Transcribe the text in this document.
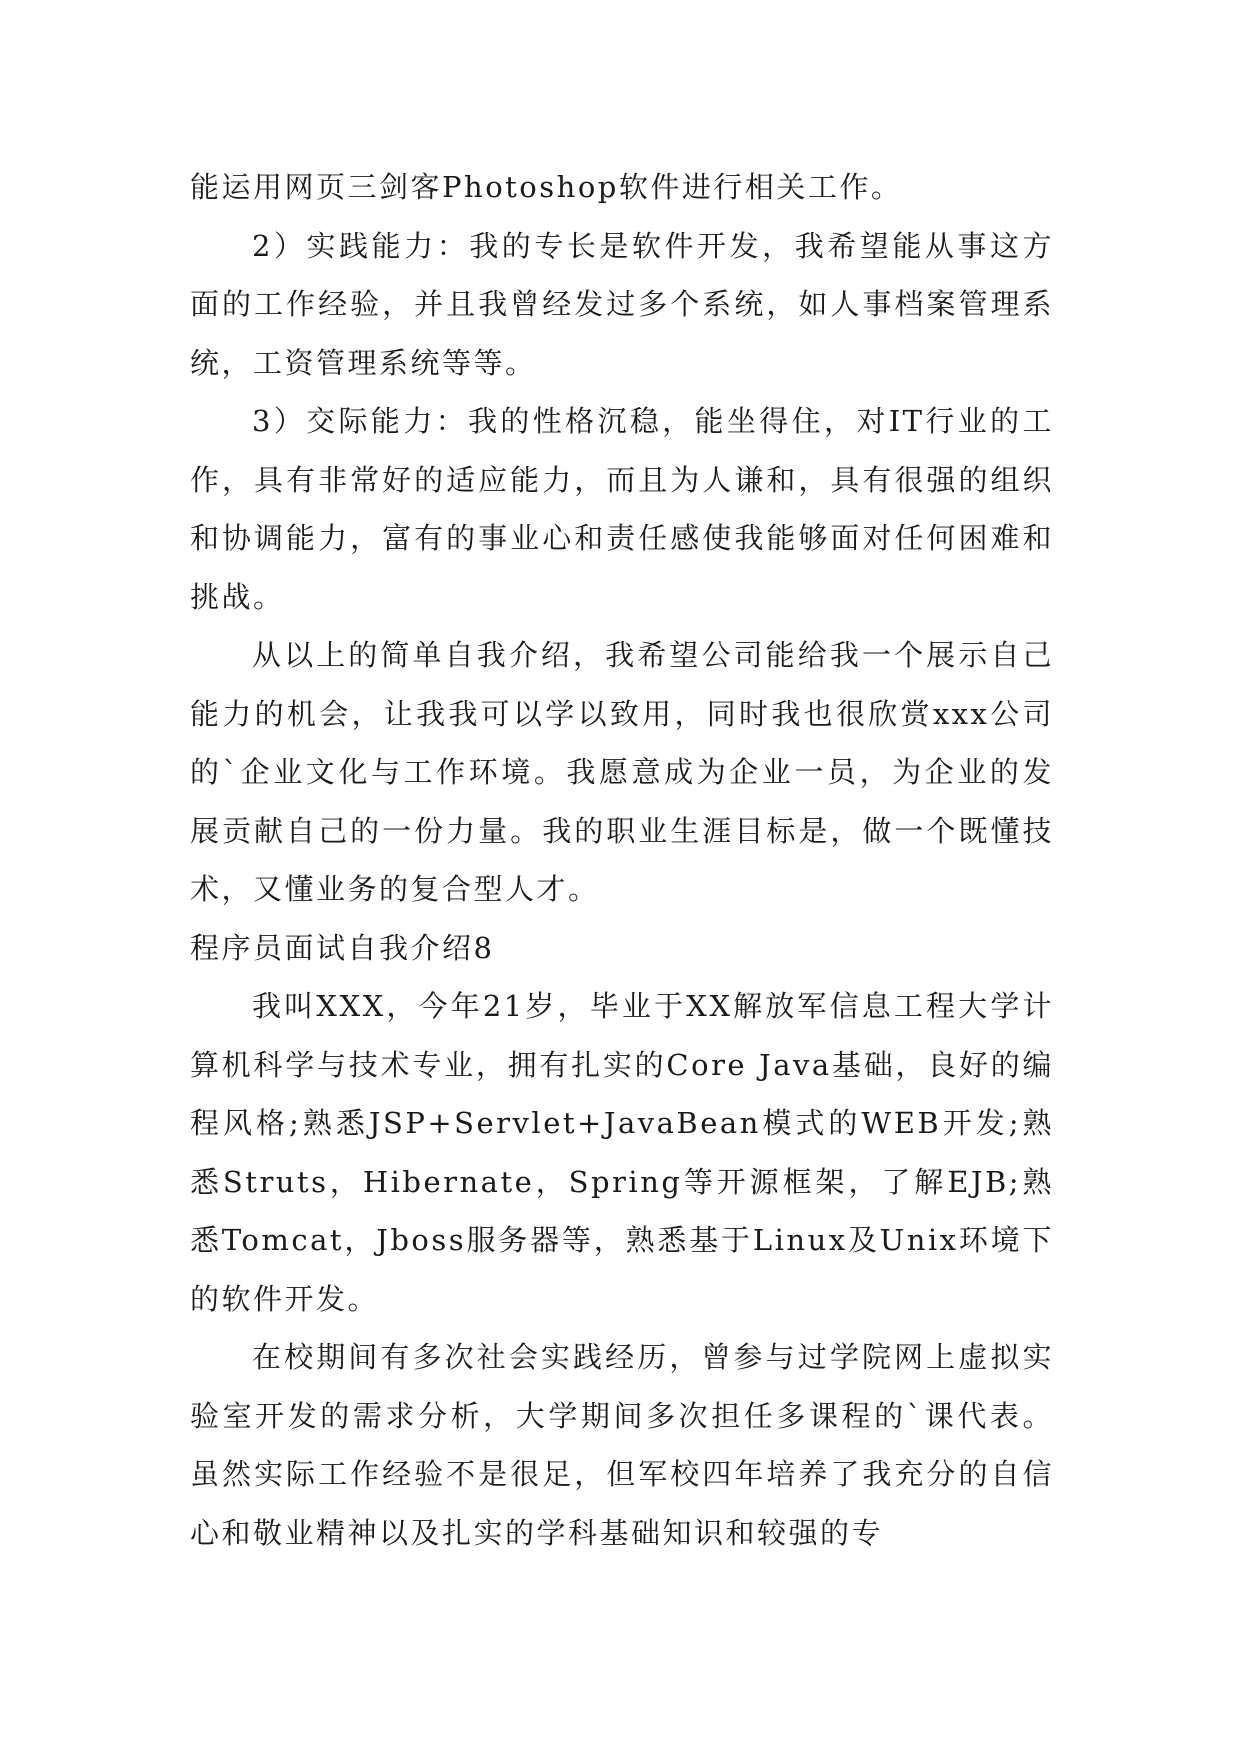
能运用网页三剑客Photoshop软件进行相关工作。

2）实践能力：我的专长是软件开发，我希望能从事这方面的工作经验，并且我曾经发过多个系统，如人事档案管理系统，工资管理系统等等。

3）交际能力：我的性格沉稳，能坐得住，对IT行业的工作，具有非常好的适应能力，而且为人谦和，具有很强的组织和协调能力，富有的事业心和责任感使我能够面对任何困难和挑战。

从以上的简单自我介绍，我希望公司能给我一个展示自己能力的机会，让我我可以学以致用，同时我也很欣赏xxx公司的`企业文化与工作环境。我愿意成为企业一员，为企业的发展贡献自己的一份力量。我的职业生涯目标是，做一个既懂技术，又懂业务的复合型人才。

程序员面试自我介绍8

我叫XXX，今年21岁，毕业于XX解放军信息工程大学计算机科学与技术专业，拥有扎实的Core Java基础，良好的编程风格;熟悉JSP+Servlet+JavaBean模式的WEB开发;熟悉Struts，Hibernate，Spring等开源框架，了解EJB;熟悉Tomcat，Jboss服务器等，熟悉基于Linux及Unix环境下的软件开发。

在校期间有多次社会实践经历，曾参与过学院网上虚拟实验室开发的需求分析，大学期间多次担任多课程的`课代表。虽然实际工作经验不是很足，但军校四年培养了我充分的自信心和敬业精神以及扎实的学科基础知识和较强的专
